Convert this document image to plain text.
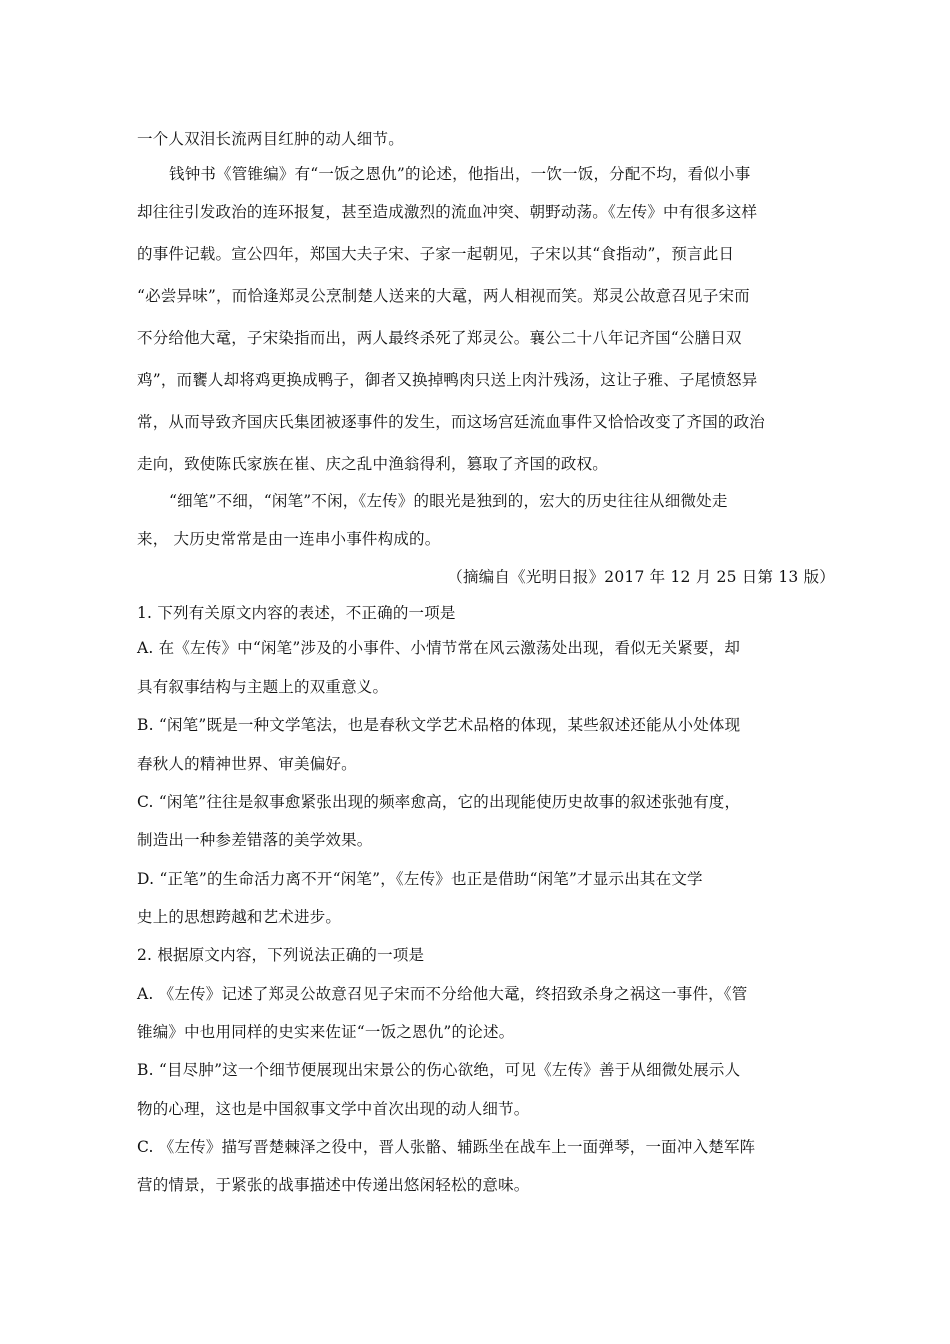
一个人双泪长流两目红肿的动人细节。
钱钟书《管锥编》有“一饭之恩仇”的论述，他指出，一饮一饭，分配不均，看似小事
却往往引发政治的连环报复，甚至造成激烈的流血冲突、朝野动荡。《左传》中有很多这样
的事件记载。宣公四年，郑国大夫子宋、子家一起朝见，子宋以其“食指动”，预言此日
“必尝异味”，而恰逢郑灵公烹制楚人送来的大鼋，两人相视而笑。郑灵公故意召见子宋而
不分给他大鼋，子宋染指而出，两人最终杀死了郑灵公。襄公二十八年记齐国“公膳日双
鸡”，而饔人却将鸡更换成鸭子，御者又换掉鸭肉只送上肉汁残汤，这让子雅、子尾愤怒异
常，从而导致齐国庆氏集团被逐事件的发生，而这场宫廷流血事件又恰恰改变了齐国的政治
走向，致使陈氏家族在崔、庆之乱中渔翁得利，篡取了齐国的政权。
“细笔”不细，“闲笔”不闲，《左传》的眼光是独到的，宏大的历史往往从细微处走
来， 大历史常常是由一连串小事件构成的。
（摘编自《光明日报》2017 年 12 月 25 日第 13 版）
1. 下列有关原文内容的表述，不正确的一项是
A. 在《左传》中“闲笔”涉及的小事件、小情节常在风云激荡处出现，看似无关紧要，却
具有叙事结构与主题上的双重意义。
B. “闲笔”既是一种文学笔法，也是春秋文学艺术品格的体现，某些叙述还能从小处体现
春秋人的精神世界、审美偏好。
C. “闲笔”往往是叙事愈紧张出现的频率愈高，它的出现能使历史故事的叙述张弛有度，
制造出一种参差错落的美学效果。
D. “正笔”的生命活力离不开“闲笔”，《左传》也正是借助“闲笔”才显示出其在文学
史上的思想跨越和艺术进步。
2. 根据原文内容，下列说法正确的一项是
A. 《左传》记述了郑灵公故意召见子宋而不分给他大鼋，终招致杀身之祸这一事件，《管
锥编》中也用同样的史实来佐证“一饭之恩仇”的论述。
B. “目尽肿”这一个细节便展现出宋景公的伤心欲绝，可见《左传》善于从细微处展示人
物的心理，这也是中国叙事文学中首次出现的动人细节。
C. 《左传》描写晋楚棘泽之役中，晋人张骼、辅跞坐在战车上一面弹琴，一面冲入楚军阵
营的情景，于紧张的战事描述中传递出悠闲轻松的意味。
